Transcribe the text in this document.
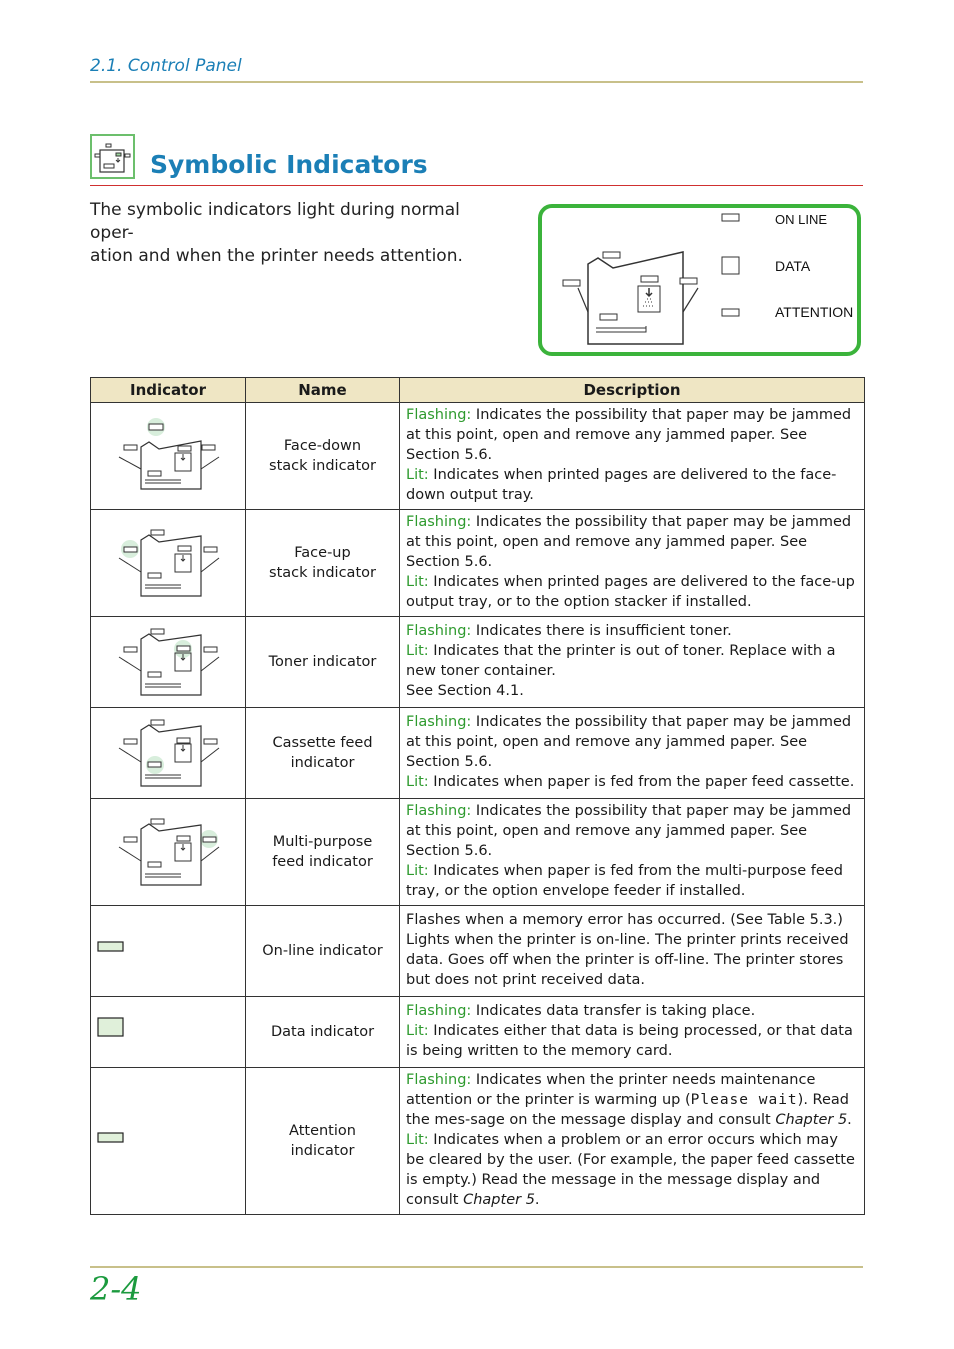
2.1. Control Panel
Symbolic Indicators
The symbolic indicators light during normal oper-
ation and when the printer needs attention.
ON LINE
DATA
ATTENTION
Indicator	Name	Description

Face-down
stack indicator	Flashing: Indicates the possibility that paper may be jammed at this point, open and remove any jammed paper. See Section 5.6.
Lit: Indicates when printed pages are delivered to the face-down output tray.

Face-up
stack indicator	Flashing: Indicates the possibility that paper may be jammed at this point, open and remove any jammed paper. See Section 5.6.
Lit: Indicates when printed pages are delivered to the face-up output tray, or to the option stacker if installed.

Toner indicator	Flashing: Indicates there is insufficient toner.
Lit: Indicates that the printer is out of toner. Replace with a new toner container.
See Section 4.1.

Cassette feed
indicator	Flashing: Indicates the possibility that paper may be jammed at this point, open and remove any jammed paper. See Section 5.6.
Lit: Indicates when paper is fed from the paper feed cassette.

Multi-purpose
feed indicator	Flashing: Indicates the possibility that paper may be jammed at this point, open and remove any jammed paper. See Section 5.6.
Lit: Indicates when paper is fed from the multi-purpose feed tray, or the option envelope feeder if installed.

On-line indicator	Flashes when a memory error has occurred. (See Table 5.3.) Lights when the printer is on-line. The printer prints received data. Goes off when the printer is off-line. The printer stores but does not print received data.

Data indicator	Flashing: Indicates data transfer is taking place.
Lit: Indicates either that data is being processed, or that data is being written to the memory card.

Attention
indicator	Flashing: Indicates when the printer needs maintenance attention or the printer is warming up (Please wait). Read the mes-sage on the message display and consult Chapter 5.
Lit: Indicates when a problem or an error occurs which may be cleared by the user. (For example, the paper feed cassette is empty.) Read the message in the message display and consult Chapter 5.
2-4
